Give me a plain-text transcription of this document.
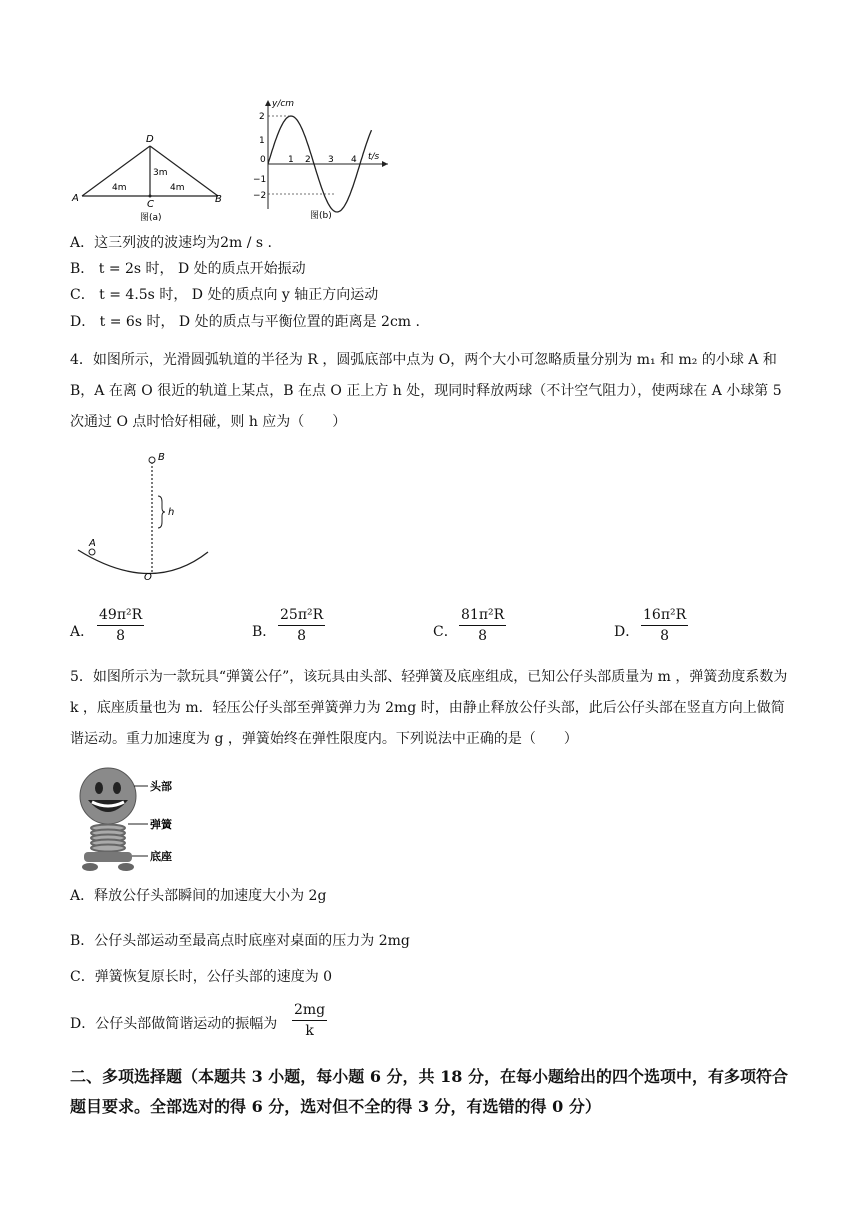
D
A	B
C
4m	4m
3m
图(a)
y/cm
t/s
0 1 2 3 4
2
1
−1
−2
图(b)
A．这三列波的波速均为2m / s .
B． t = 2s 时， D 处的质点开始振动
C． t = 4.5s 时， D 处的质点向 y 轴正方向运动
D． t = 6s 时， D 处的质点与平衡位置的距离是 2cm .
4．如图所示，光滑圆弧轨道的半径为 R ，圆弧底部中点为 O，两个大小可忽略质量分别为 m₁ 和 m₂ 的小球 A 和 B，A 在离 O 很近的轨道上某点，B 在点 O 正上方 h 处，现同时释放两球（不计空气阻力），使两球在 A 小球第 5 次通过 O 点时恰好相碰，则 h 应为（　　）
B
A
O
h
A． $\frac{\text{49π²R}}{8}$	B． $\frac{\text{25π²R}}{8}$	C． $\frac{\text{81π²R}}{8}$	D． $\frac{\text{16π²R}}{8}$
5．如图所示为一款玩具“弹簧公仔”，该玩具由头部、轻弹簧及底座组成，已知公仔头部质量为 m ，弹簧劲度系数为 k ，底座质量也为 m．轻压公仔头部至弹簧弹力为 2mg 时，由静止释放公仔头部，此后公仔头部在竖直方向上做简谐运动。重力加速度为 g ，弹簧始终在弹性限度内。下列说法中正确的是（　　）
头部
弹簧
底座
A．释放公仔头部瞬间的加速度大小为 2g
B．公仔头部运动至最高点时底座对桌面的压力为 2mg
C．弹簧恢复原长时，公仔头部的速度为 0
D．公仔头部做简谐运动的振幅为 $\frac{2mg}{k}$
二、多项选择题（本题共 3 小题，每小题 6 分，共 18 分，在每小题给出的四个选项中，有多项符合题目要求。全部选对的得 6 分，选对但不全的得 3 分，有选错的得 0 分）
